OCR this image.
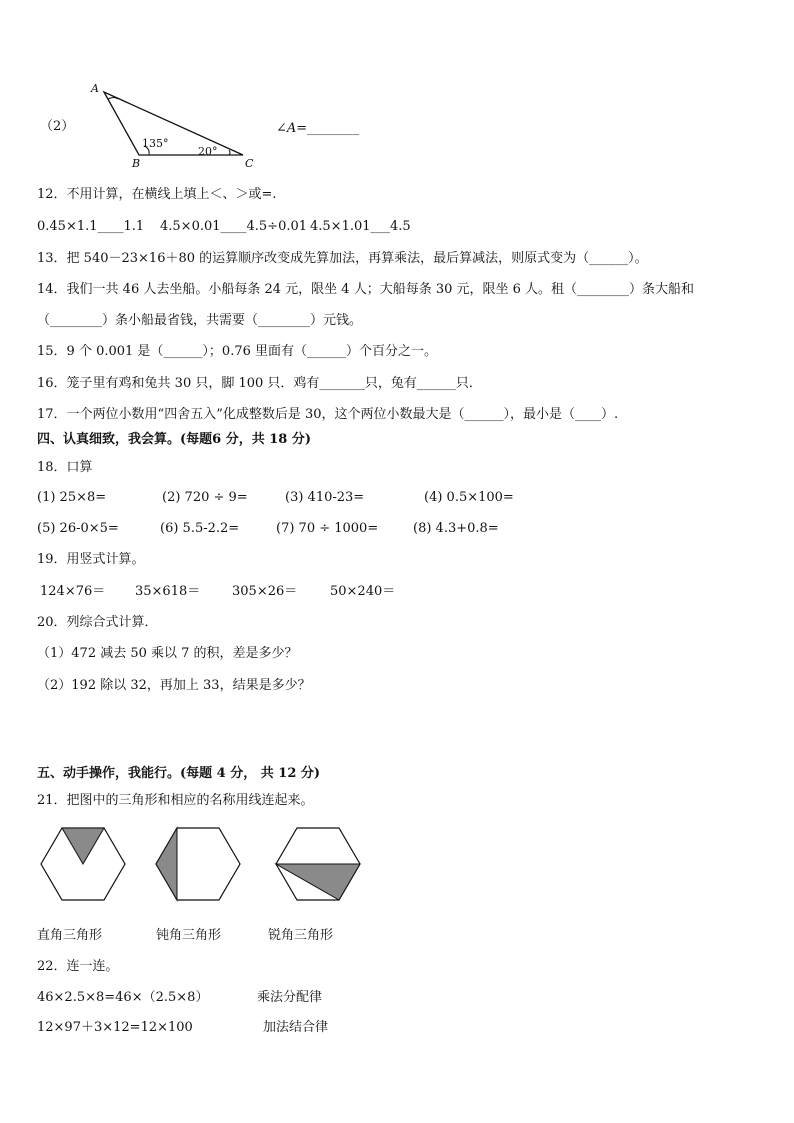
（2）
A
B	C
135°
20°
∠A=________
12．不用计算，在横线上填上＜、＞或=.
0.45×1.1____1.1 4.5×0.01____4.5÷0.01 4.5×1.01___4.5
13．把 540－23×16＋80 的运算顺序改变成先算加法，再算乘法，最后算减法，则原式变为（______）。
14．我们一共 46 人去坐船。小船每条 24 元，限坐 4 人；大船每条 30 元，限坐 6 人。租（________）条大船和
（________）条小船最省钱，共需要（________）元钱。
15．9 个 0.001 是（______）；0.76 里面有（______）个百分之一。
16．笼子里有鸡和兔共 30 只，脚 100 只．鸡有_______只，兔有______只．
17．一个两位小数用“四舍五入”化成整数后是 30，这个两位小数最大是（______），最小是（____）.
四、认真细致，我会算。(每题6 分，共 18 分)
18．口算
(1) 25×8=	(2) 720 ÷ 9=	(3) 410-23=	(4) 0.5×100=
(5) 26-0×5=	(6) 5.5-2.2=	(7) 70 ÷ 1000=	(8) 4.3+0.8=
19．用竖式计算。
124×76＝ 35×618＝ 305×26＝	50×240＝
20．列综合式计算．
（1）472 减去 50 乘以 7 的积，差是多少？
（2）192 除以 32，再加上 33，结果是多少？
五、动手操作，我能行。(每题 4 分， 共 12 分)
21．把图中的三角形和相应的名称用线连起来。
直角三角形	钝角三角形	锐角三角形
22．连一连。
46×2.5×8=46×（2.5×8）	乘法分配律
12×97＋3×12=12×100	加法结合律
